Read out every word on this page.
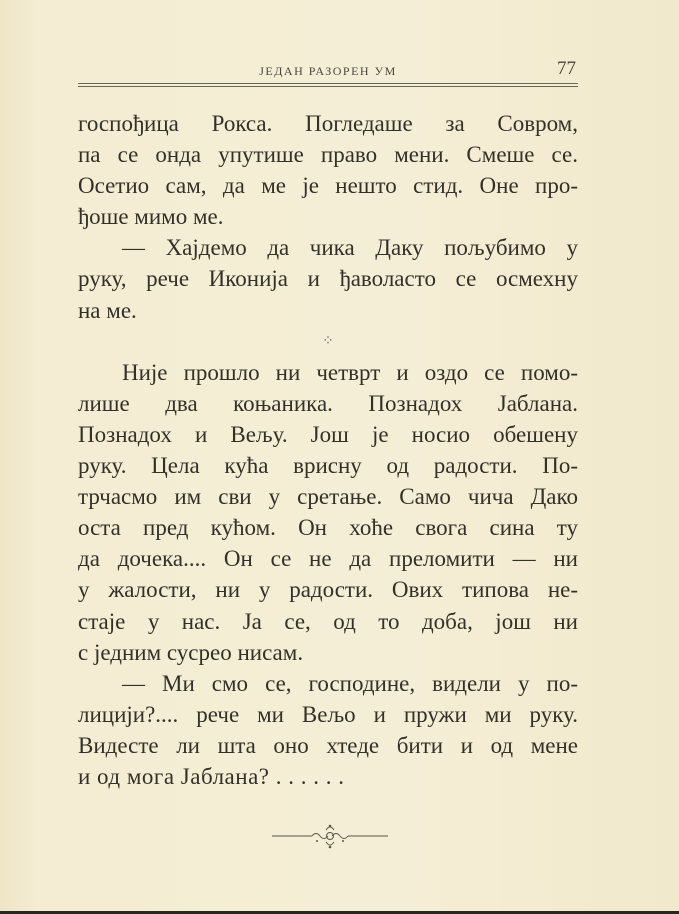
ЈЕДАН РАЗОРЕН УМ	77
госпођица Рокса. Погледаше за Совром,
па се онда упутише право мени. Смеше се.
Осетио сам, да ме је нешто стид. Оне про-
ђоше мимо ме.
— Хајдемо да чика Даку пољубимо у
руку, рече Иконија и ђаволасто се осмехну
на ме.
⁘
Није прошло ни четврт и оздо се помо-
лише два коњаника. Познадох Јаблана.
Познадох и Вељу. Још је носио обешену
руку. Цела кућа врисну од радости. По-
трчасмо им сви у сретање. Само чича Дако
оста пред кућом. Он хоће свога сина ту
да дочека.... Он се не да преломити — ни
у жалости, ни у радости. Ових типова не-
стаје у нас. Ја се, од то доба, још ни
с једним сусрео нисам.
— Ми смо се, господине, видели у по-
лицији?.... рече ми Вељо и пружи ми руку.
Видесте ли шта оно хтеде бити и од мене
и од мога Јаблана? . . . . . .
